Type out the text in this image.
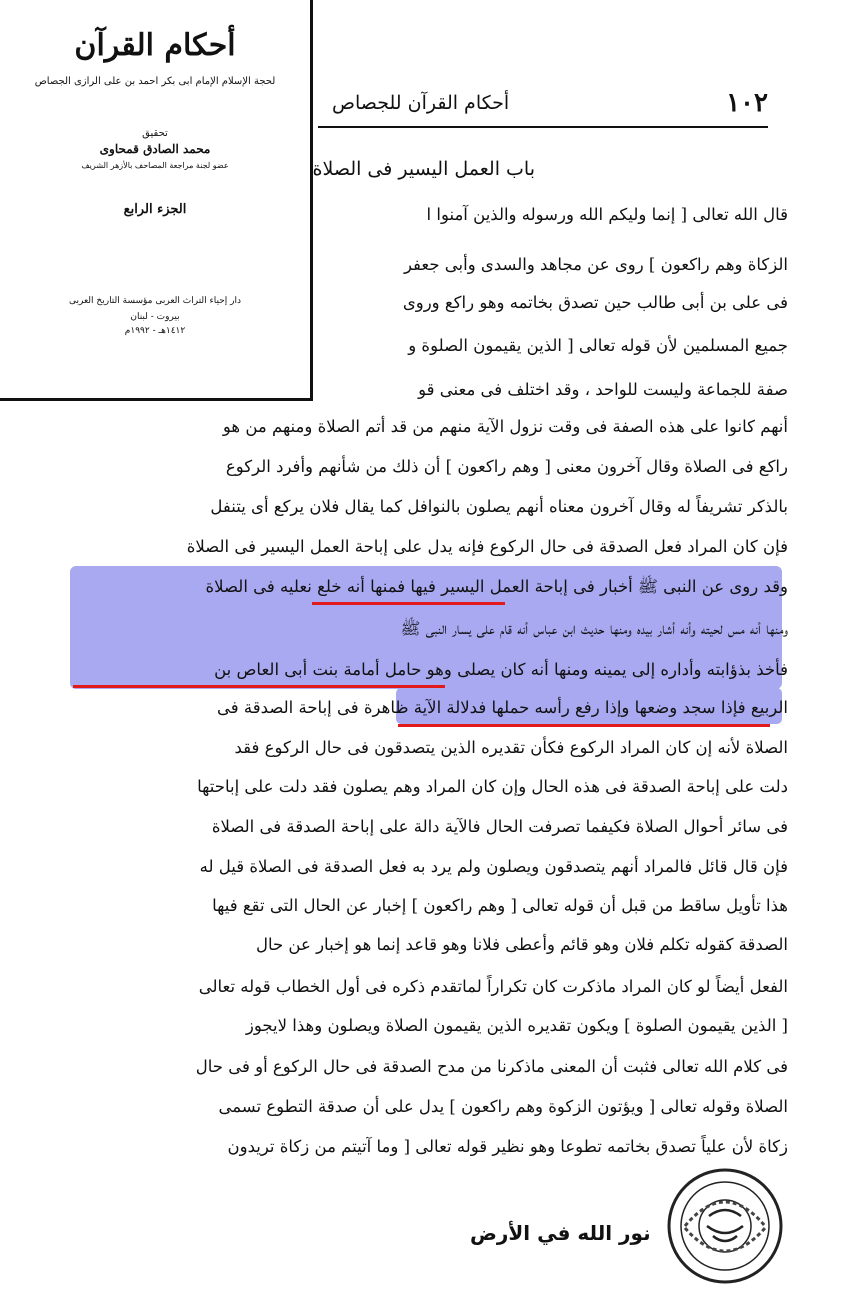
أحكام القرآن
لحجة الإسلام الإمام أبى بكر أحمد بن على الرازى الجصاص
تحقيق
محمد الصادق قمحاوى
عضو لجنة مراجعة المصاحف بالأزهر الشريف
الجزء الرابع
دار إحياء التراث العربى مؤسسة التاريخ العربى
بيروت - لبنان
١٤١٢هـ - ١٩٩٢م
١٠٢
أحكام القرآن للجصاص
باب العمل اليسير فى الصلاة
قال الله تعالى [ إنما وليكم الله ورسوله والذين آمنوا ا
الزكاة وهم راكعون ] روى عن مجاهد والسدى وأبى جعفر
فى على بن أبى طالب حين تصدق بخاتمه وهو راكع وروى
جميع المسلمين لأن قوله تعالى [ الذين يقيمون الصلوة و
صفة للجماعة وليست للواحد ، وقد اختلف فى معنى قو
أنهم كانوا على هذه الصفة فى وقت نزول الآية منهم من قد أتم الصلاة ومنهم من هو
راكع فى الصلاة وقال آخرون معنى [ وهم راكعون ] أن ذلك من شأنهم وأفرد الركوع
بالذكر تشريفاً له وقال آخرون معناه أنهم يصلون بالنوافل كما يقال فلان يركع أى يتنفل
فإن كان المراد فعل الصدقة فى حال الركوع فإنه يدل على إباحة العمل اليسير فى الصلاة
وقد روى عن النبى ﷺ أخبار فى إباحة العمل اليسير فيها فمنها أنه خلع نعليه فى الصلاة
ومنها أنه مس لحيته وأنه أشار بيده ومنها حديث ابن عباس أنه قام على يسار النبى ﷺ
فأخذ بذؤابته وأداره إلى يمينه ومنها أنه كان يصلى وهو حامل أمامة بنت أبى العاص بن
الربيع فإذا سجد وضعها وإذا رفع رأسه حملها فدلالة الآية ظاهرة فى إباحة الصدقة فى
الصلاة لأنه إن كان المراد الركوع فكأن تقديره الذين يتصدقون فى حال الركوع فقد
دلت على إباحة الصدقة فى هذه الحال وإن كان المراد وهم يصلون فقد دلت على إباحتها
فى سائر أحوال الصلاة فكيفما تصرفت الحال فالآية دالة على إباحة الصدقة فى الصلاة
فإن قال قائل فالمراد أنهم يتصدقون ويصلون ولم يرد به فعل الصدقة فى الصلاة قيل له
هذا تأويل ساقط من قبل أن قوله تعالى [ وهم راكعون ] إخبار عن الحال التى تقع فيها
الصدقة كقوله تكلم فلان وهو قائم وأعطى فلانا وهو قاعد إنما هو إخبار عن حال
الفعل أيضاً لو كان المراد ماذكرت كان تكراراً لماتقدم ذكره فى أول الخطاب قوله تعالى
[ الذين يقيمون الصلوة ] ويكون تقديره الذين يقيمون الصلاة ويصلون وهذا لايجوز
فى كلام الله تعالى فثبت أن المعنى ماذكرنا من مدح الصدقة فى حال الركوع أو فى حال
الصلاة وقوله تعالى [ ويؤتون الزكوة وهم راكعون ] يدل على أن صدقة التطوع تسمى
زكاة لأن علياً تصدق بخاتمه تطوعا وهو نظير قوله تعالى [ وما آتيتم من زكاة تريدون
نور الله في الأرض
